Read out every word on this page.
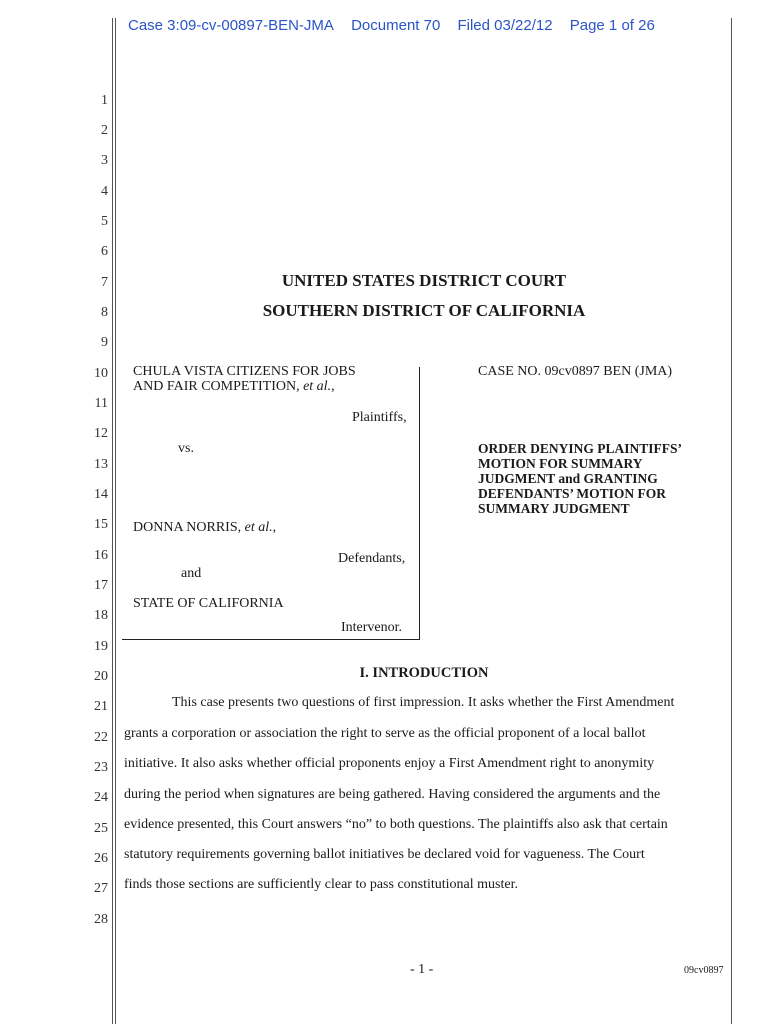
Case 3:09-cv-00897-BEN-JMA Document 70 Filed 03/22/12 Page 1 of 26
1
2
3
4
5
6
7
8
9
10
11
12
13
14
15
16
17
18
19
20
21
22
23
24
25
26
27
28
UNITED STATES DISTRICT COURT
SOUTHERN DISTRICT OF CALIFORNIA
CHULA VISTA CITIZENS FOR JOBS
AND FAIR COMPETITION, et al.,
Plaintiffs,
vs.
DONNA NORRIS, et al.,
Defendants,
and
STATE OF CALIFORNIA
Intervenor.
CASE NO. 09cv0897 BEN (JMA)
ORDER DENYING PLAINTIFFS’
MOTION FOR SUMMARY
JUDGMENT and GRANTING
DEFENDANTS’ MOTION FOR
SUMMARY JUDGMENT
I. INTRODUCTION
This case presents two questions of first impression. It asks whether the First Amendment
grants a corporation or association the right to serve as the official proponent of a local ballot
initiative. It also asks whether official proponents enjoy a First Amendment right to anonymity
during the period when signatures are being gathered. Having considered the arguments and the
evidence presented, this Court answers “no” to both questions. The plaintiffs also ask that certain
statutory requirements governing ballot initiatives be declared void for vagueness. The Court
finds those sections are sufficiently clear to pass constitutional muster.
- 1 -	09cv0897
